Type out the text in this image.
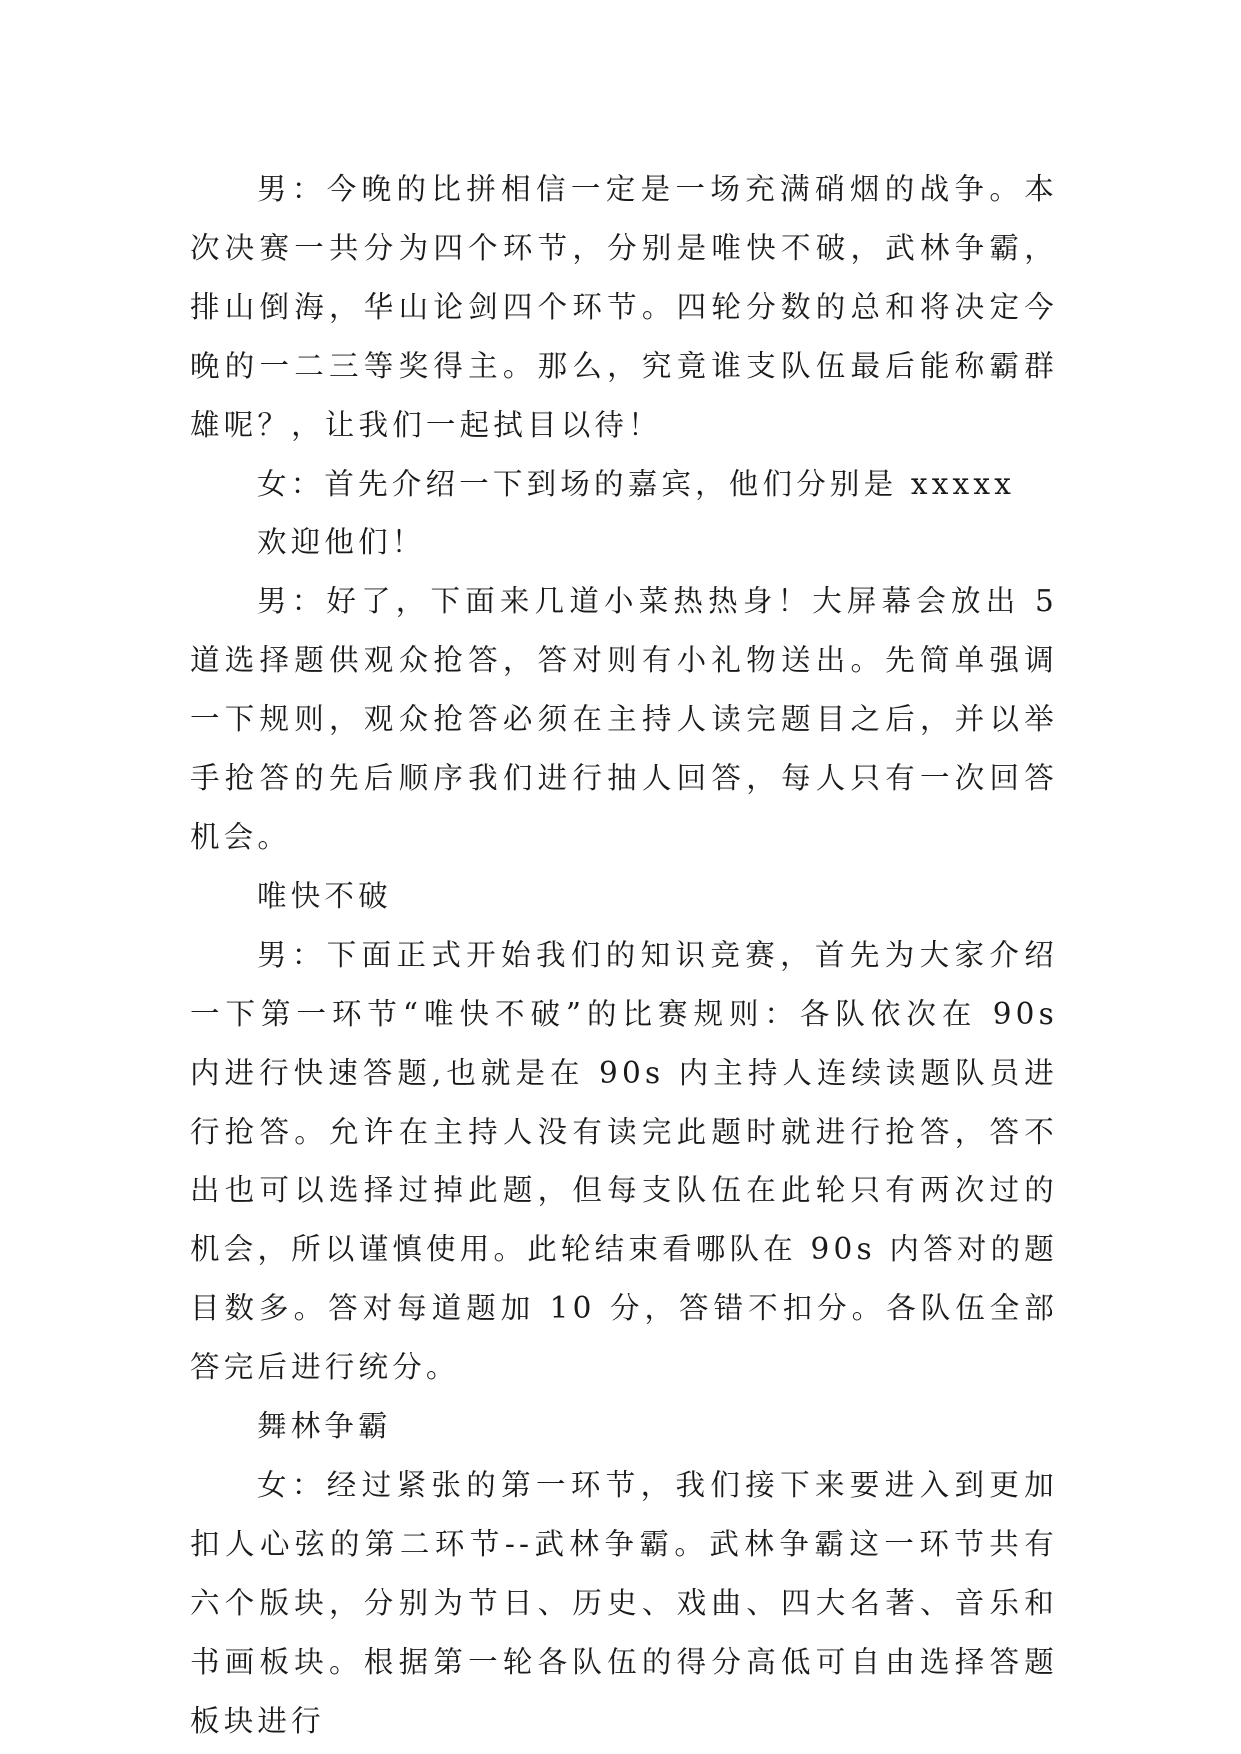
男：今晚的比拼相信一定是一场充满硝烟的战争。本次决赛一共分为四个环节，分别是唯快不破，武林争霸，排山倒海，华山论剑四个环节。四轮分数的总和将决定今晚的一二三等奖得主。那么，究竟谁支队伍最后能称霸群雄呢？，让我们一起拭目以待！

女：首先介绍一下到场的嘉宾，他们分别是 xxxxx

欢迎他们！

男：好了，下面来几道小菜热热身！大屏幕会放出 5 道选择题供观众抢答，答对则有小礼物送出。先简单强调一下规则，观众抢答必须在主持人读完题目之后，并以举手抢答的先后顺序我们进行抽人回答，每人只有一次回答机会。

唯快不破

男：下面正式开始我们的知识竞赛，首先为大家介绍一下第一环节“唯快不破”的比赛规则：各队依次在 90s 内进行快速答题,也就是在 90s 内主持人连续读题队员进行抢答。允许在主持人没有读完此题时就进行抢答，答不出也可以选择过掉此题，但每支队伍在此轮只有两次过的机会，所以谨慎使用。此轮结束看哪队在 90s 内答对的题目数多。答对每道题加 10 分，答错不扣分。各队伍全部答完后进行统分。

舞林争霸

女：经过紧张的第一环节，我们接下来要进入到更加扣人心弦的第二环节--武林争霸。武林争霸这一环节共有六个版块，分别为节日、历史、戏曲、四大名著、音乐和书画板块。根据第一轮各队伍的得分高低可自由选择答题板块进行
